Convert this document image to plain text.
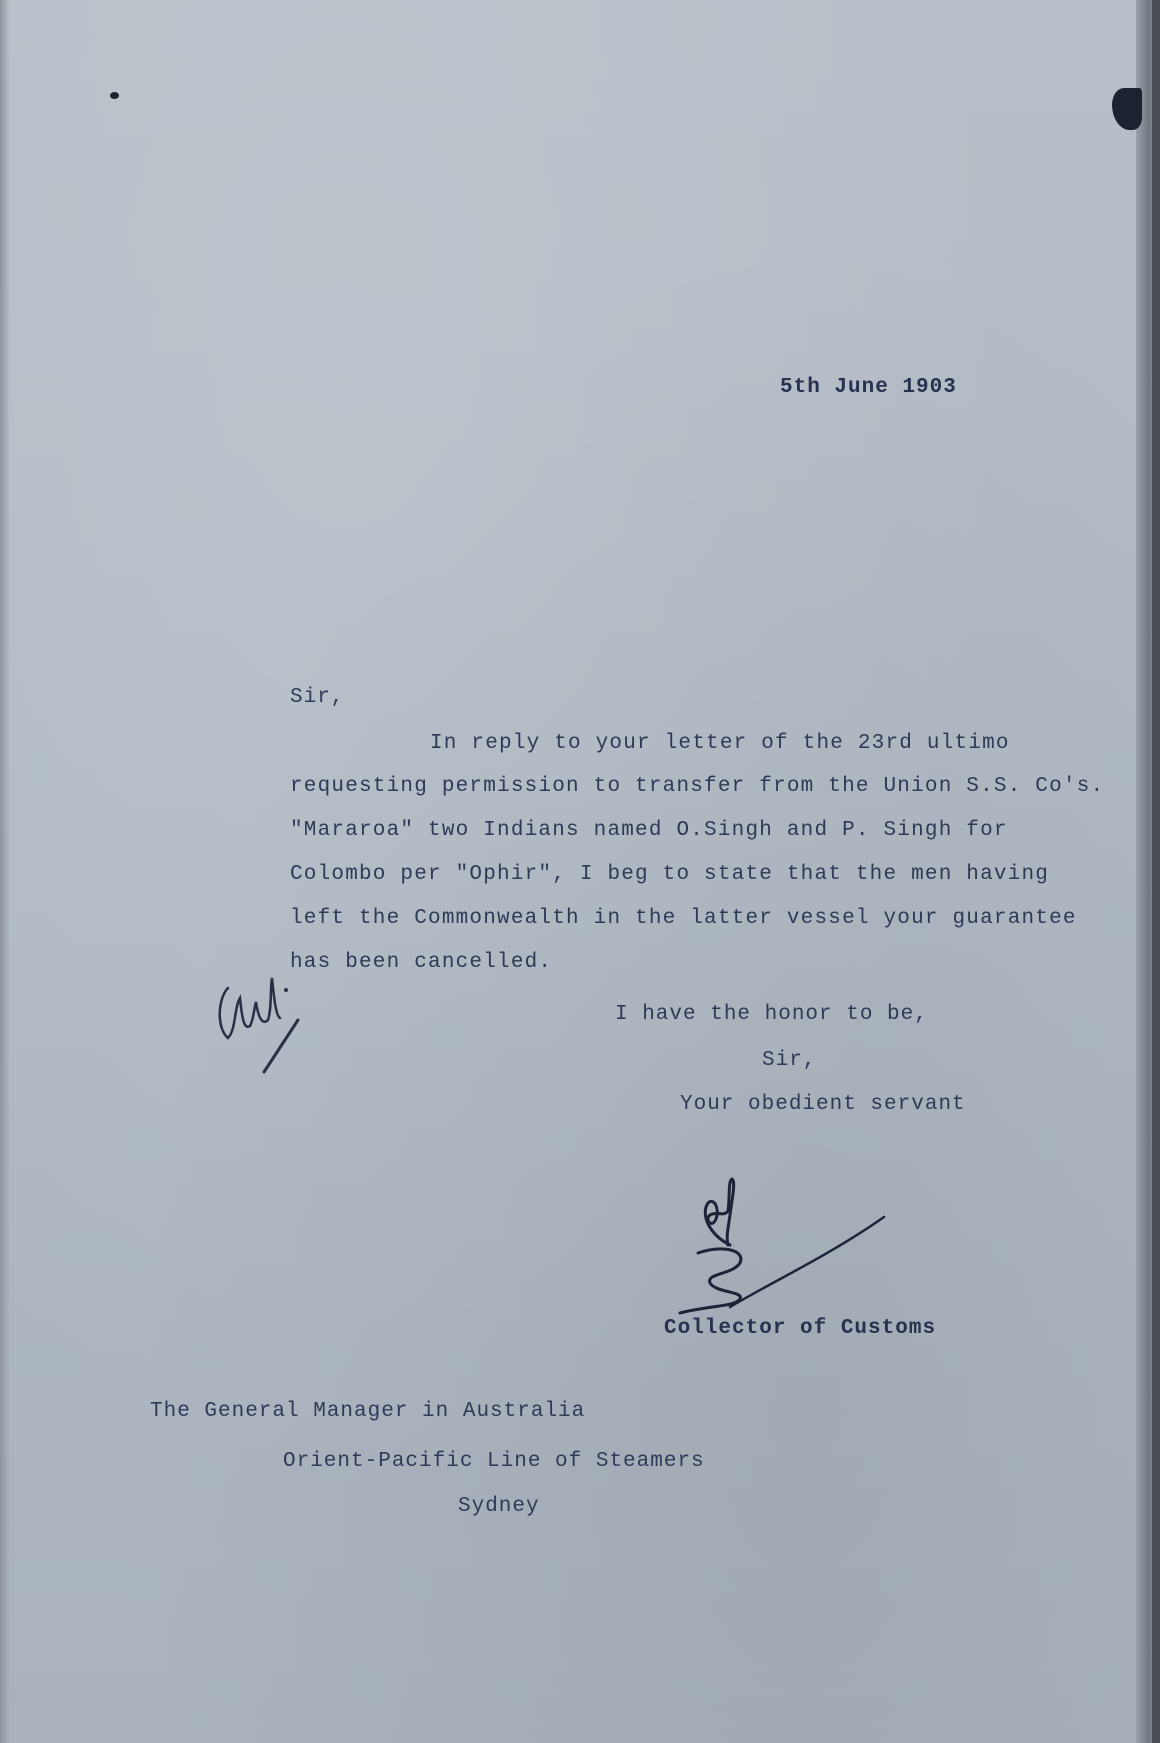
5th June 1903
Sir,
In reply to your letter of the 23rd ultimo
requesting permission to transfer from the Union S.S. Co's.
"Mararoa" two Indians named O.Singh and P. Singh for
Colombo per "Ophir", I beg to state that the men having
left the Commonwealth in the latter vessel your guarantee
has been cancelled.
I have the honor to be,
Sir,
Your obedient servant
Collector of Customs
The General Manager in Australia
Orient-Pacific Line of Steamers
Sydney
